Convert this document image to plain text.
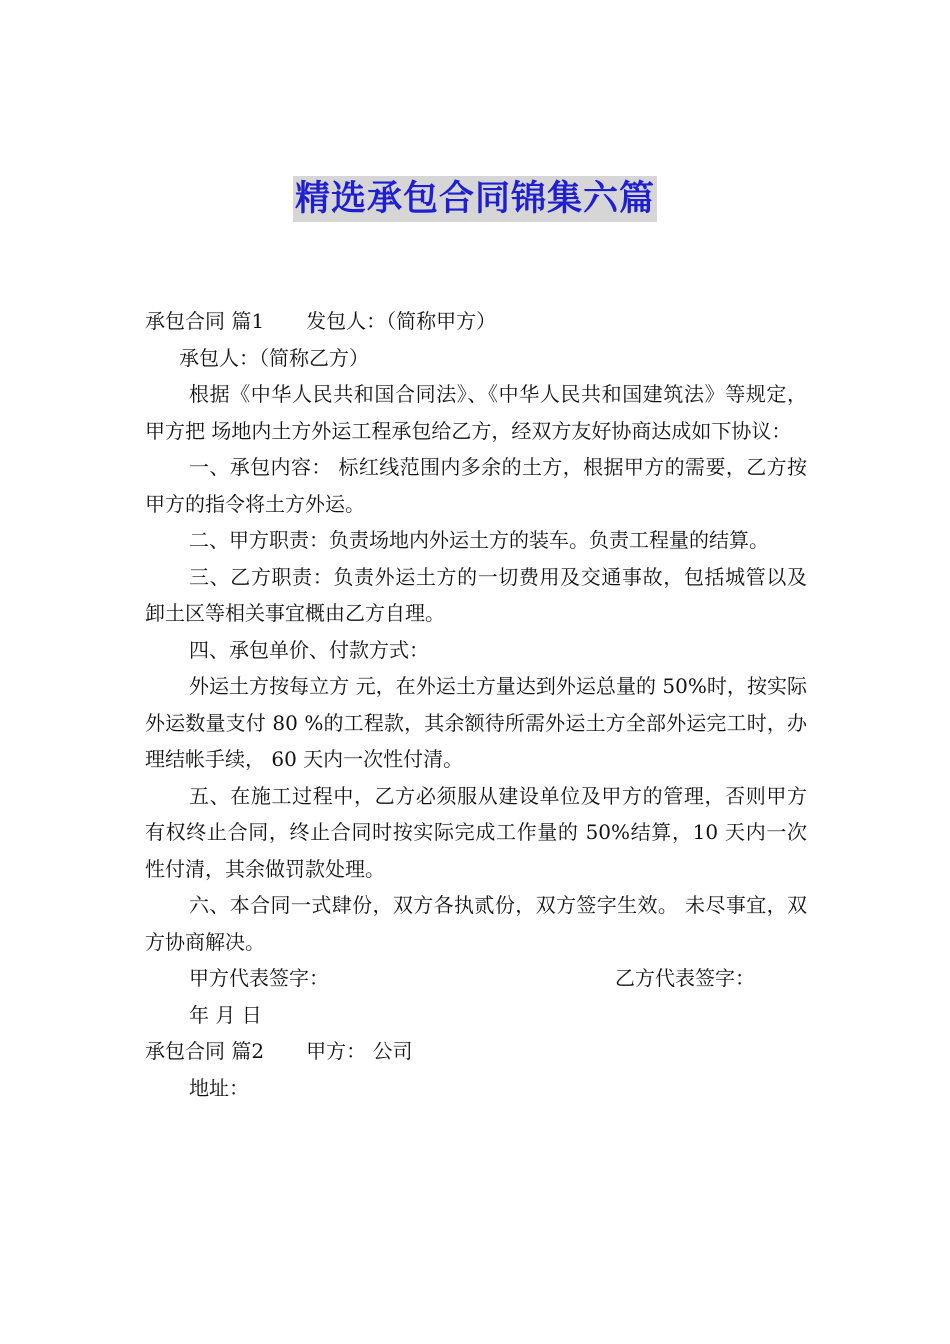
精选承包合同锦集六篇

承包合同 篇1 发包人：（简称甲方）

承包人：（简称乙方）

根据《中华人民共和国合同法》、《中华人民共和国建筑法》等规定，甲方把 场地内土方外运工程承包给乙方，经双方友好协商达成如下协议：

一、承包内容： 标红线范围内多余的土方，根据甲方的需要，乙方按甲方的指令将土方外运。

二、甲方职责：负责场地内外运土方的装车。负责工程量的结算。

三、乙方职责：负责外运土方的一切费用及交通事故，包括城管以及卸土区等相关事宜概由乙方自理。

四、承包单价、付款方式：

外运土方按每立方 元，在外运土方量达到外运总量的 50%时，按实际外运数量支付 80 %的工程款，其余额待所需外运土方全部外运完工时，办理结帐手续， 60 天内一次性付清。

五、在施工过程中，乙方必须服从建设单位及甲方的管理，否则甲方有权终止合同，终止合同时按实际完成工作量的 50%结算，10 天内一次性付清，其余做罚款处理。

六、本合同一式肆份，双方各执贰份，双方签字生效。 未尽事宜，双方协商解决。

甲方代表签字：	乙方代表签字：

年 月 日

承包合同 篇2 甲方： 公司

地址：
